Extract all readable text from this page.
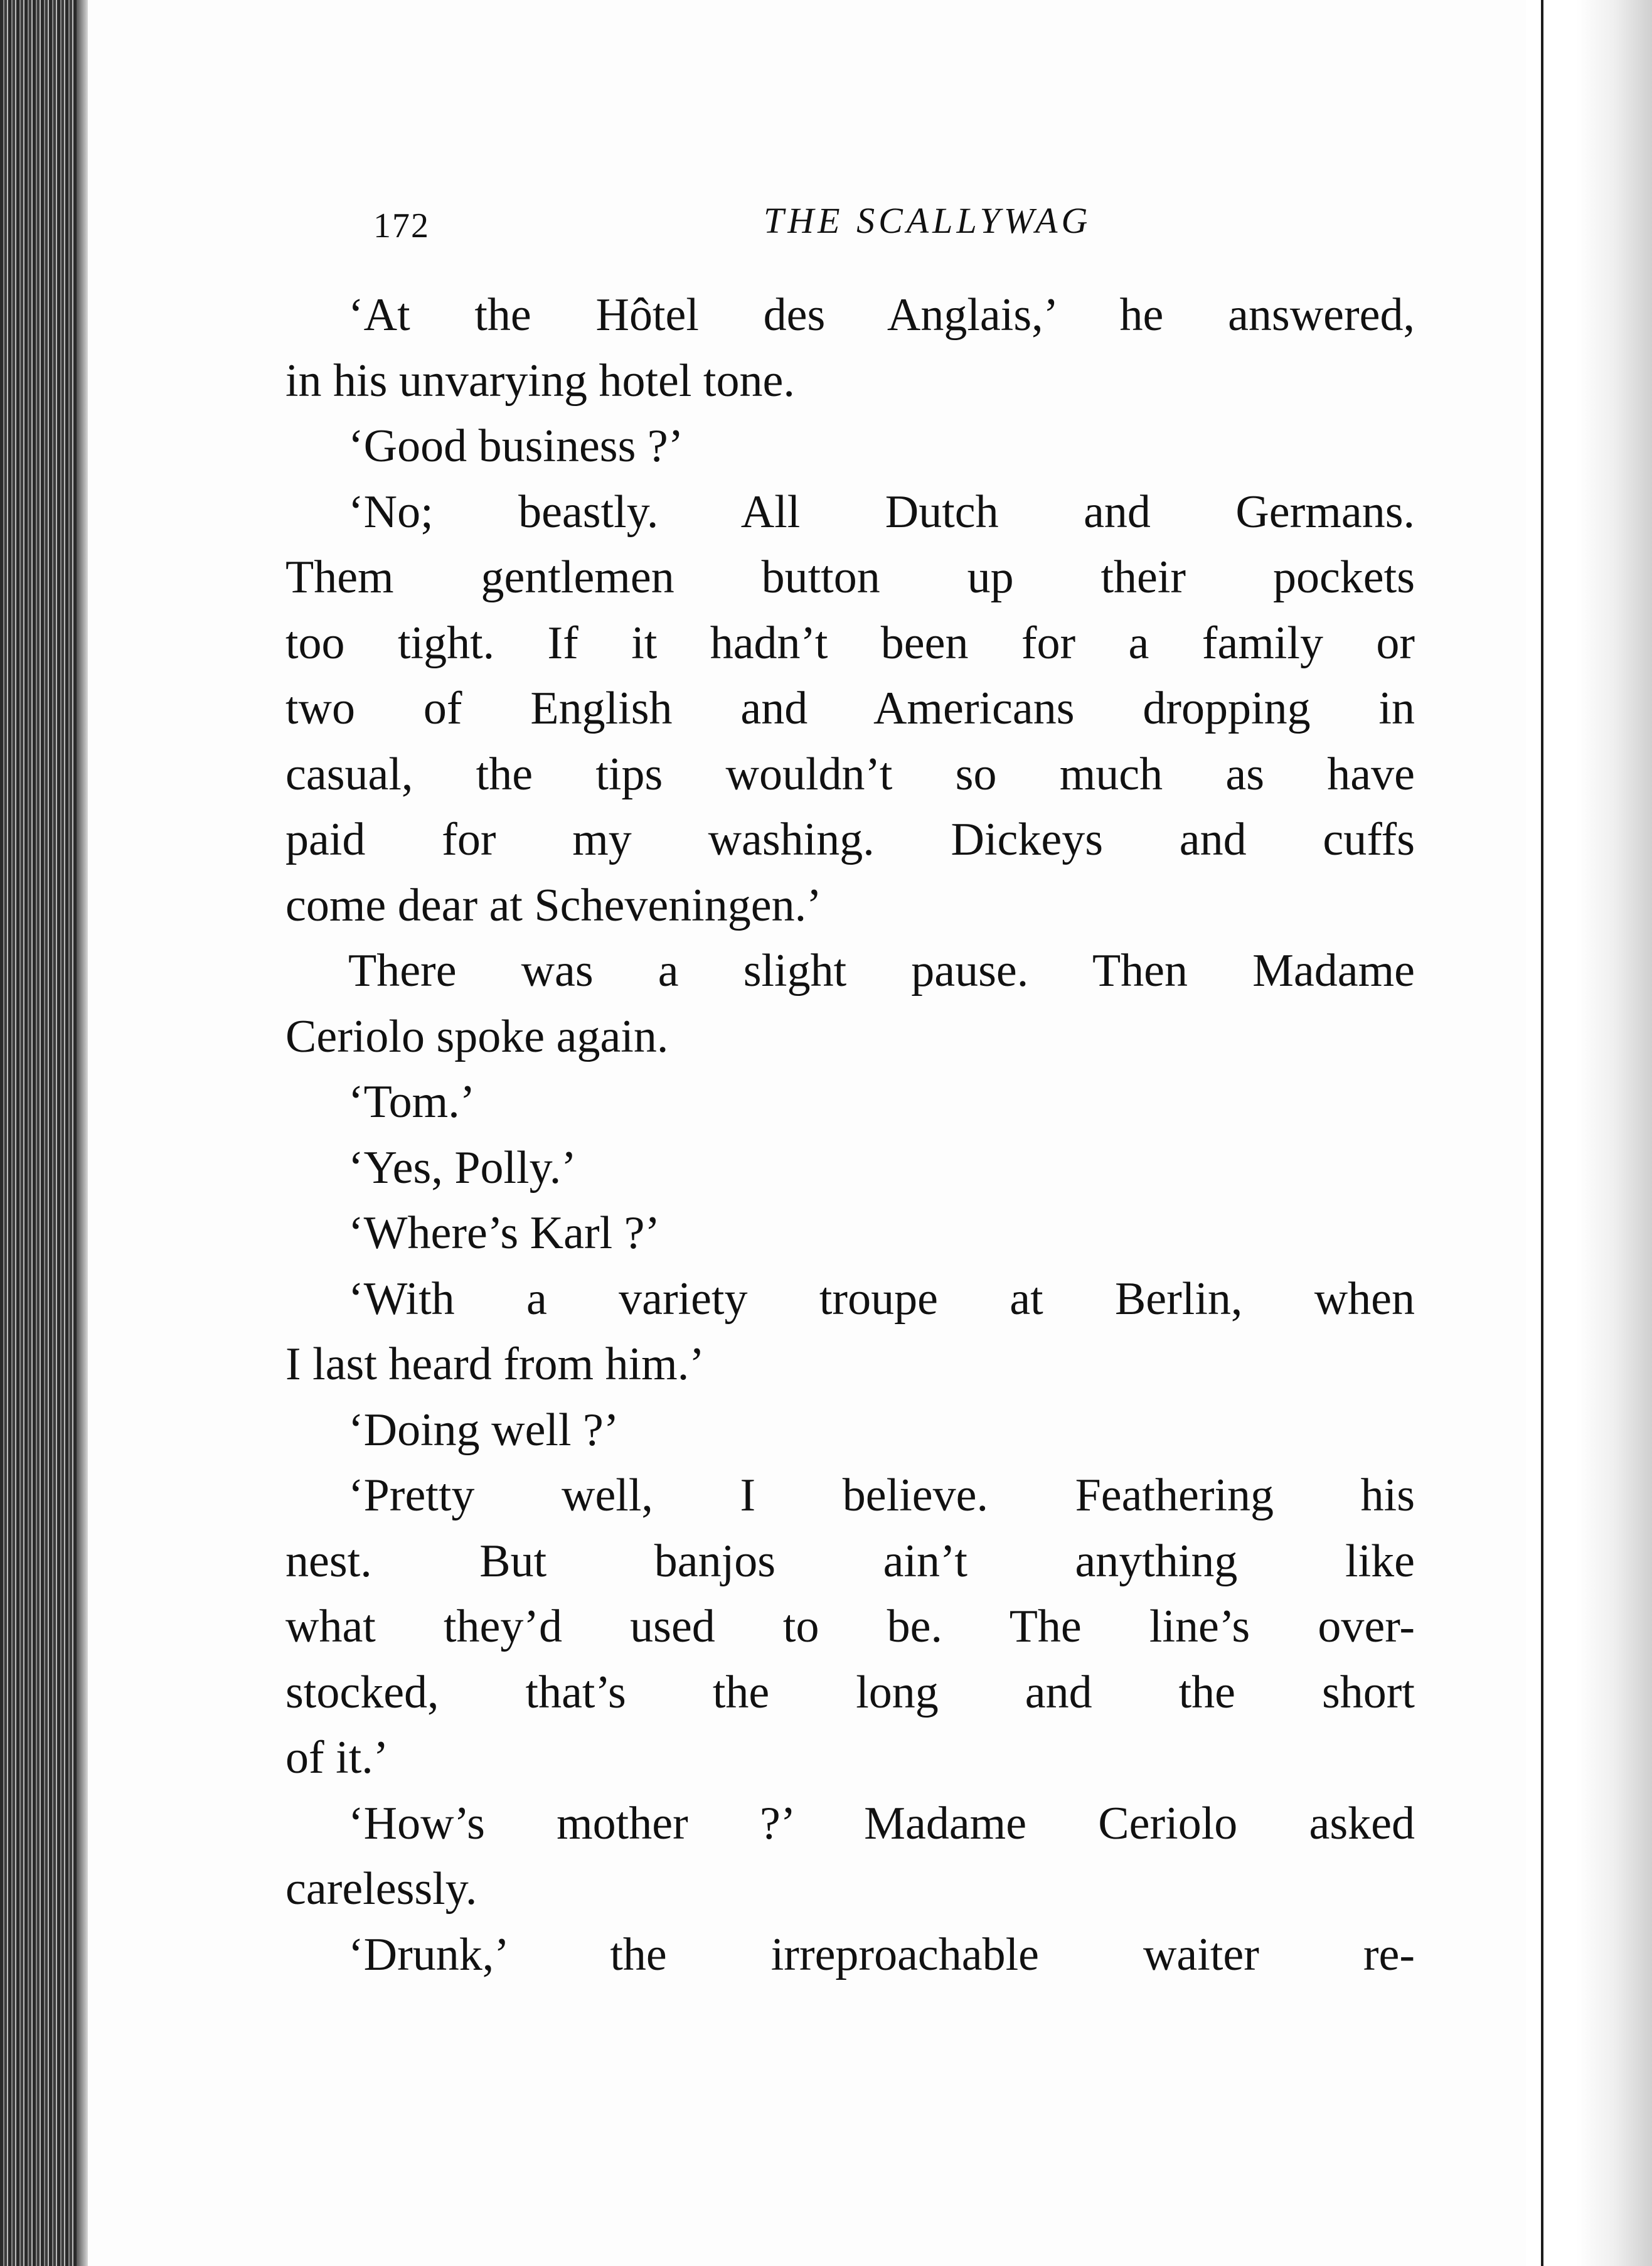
172	THE SCALLYWAG
‘At the Hôtel des Anglais,’ he answered,
in his unvarying hotel tone.
‘Good business ?’
‘No; beastly. All Dutch and Germans.
Them gentlemen button up their pockets
too tight. If it hadn’t been for a family or
two of English and Americans dropping in
casual, the tips wouldn’t so much as have
paid for my washing. Dickeys and cuffs
come dear at Scheveningen.’
There was a slight pause. Then Madame
Ceriolo spoke again.
‘Tom.’
‘Yes, Polly.’
‘Where’s Karl ?’
‘With a variety troupe at Berlin, when
I last heard from him.’
‘Doing well ?’
‘Pretty well, I believe. Feathering his
nest. But banjos ain’t anything like
what they’d used to be. The line’s over-
stocked, that’s the long and the short
of it.’
‘How’s mother ?’ Madame Ceriolo asked
carelessly.
‘Drunk,’ the irreproachable waiter re-
